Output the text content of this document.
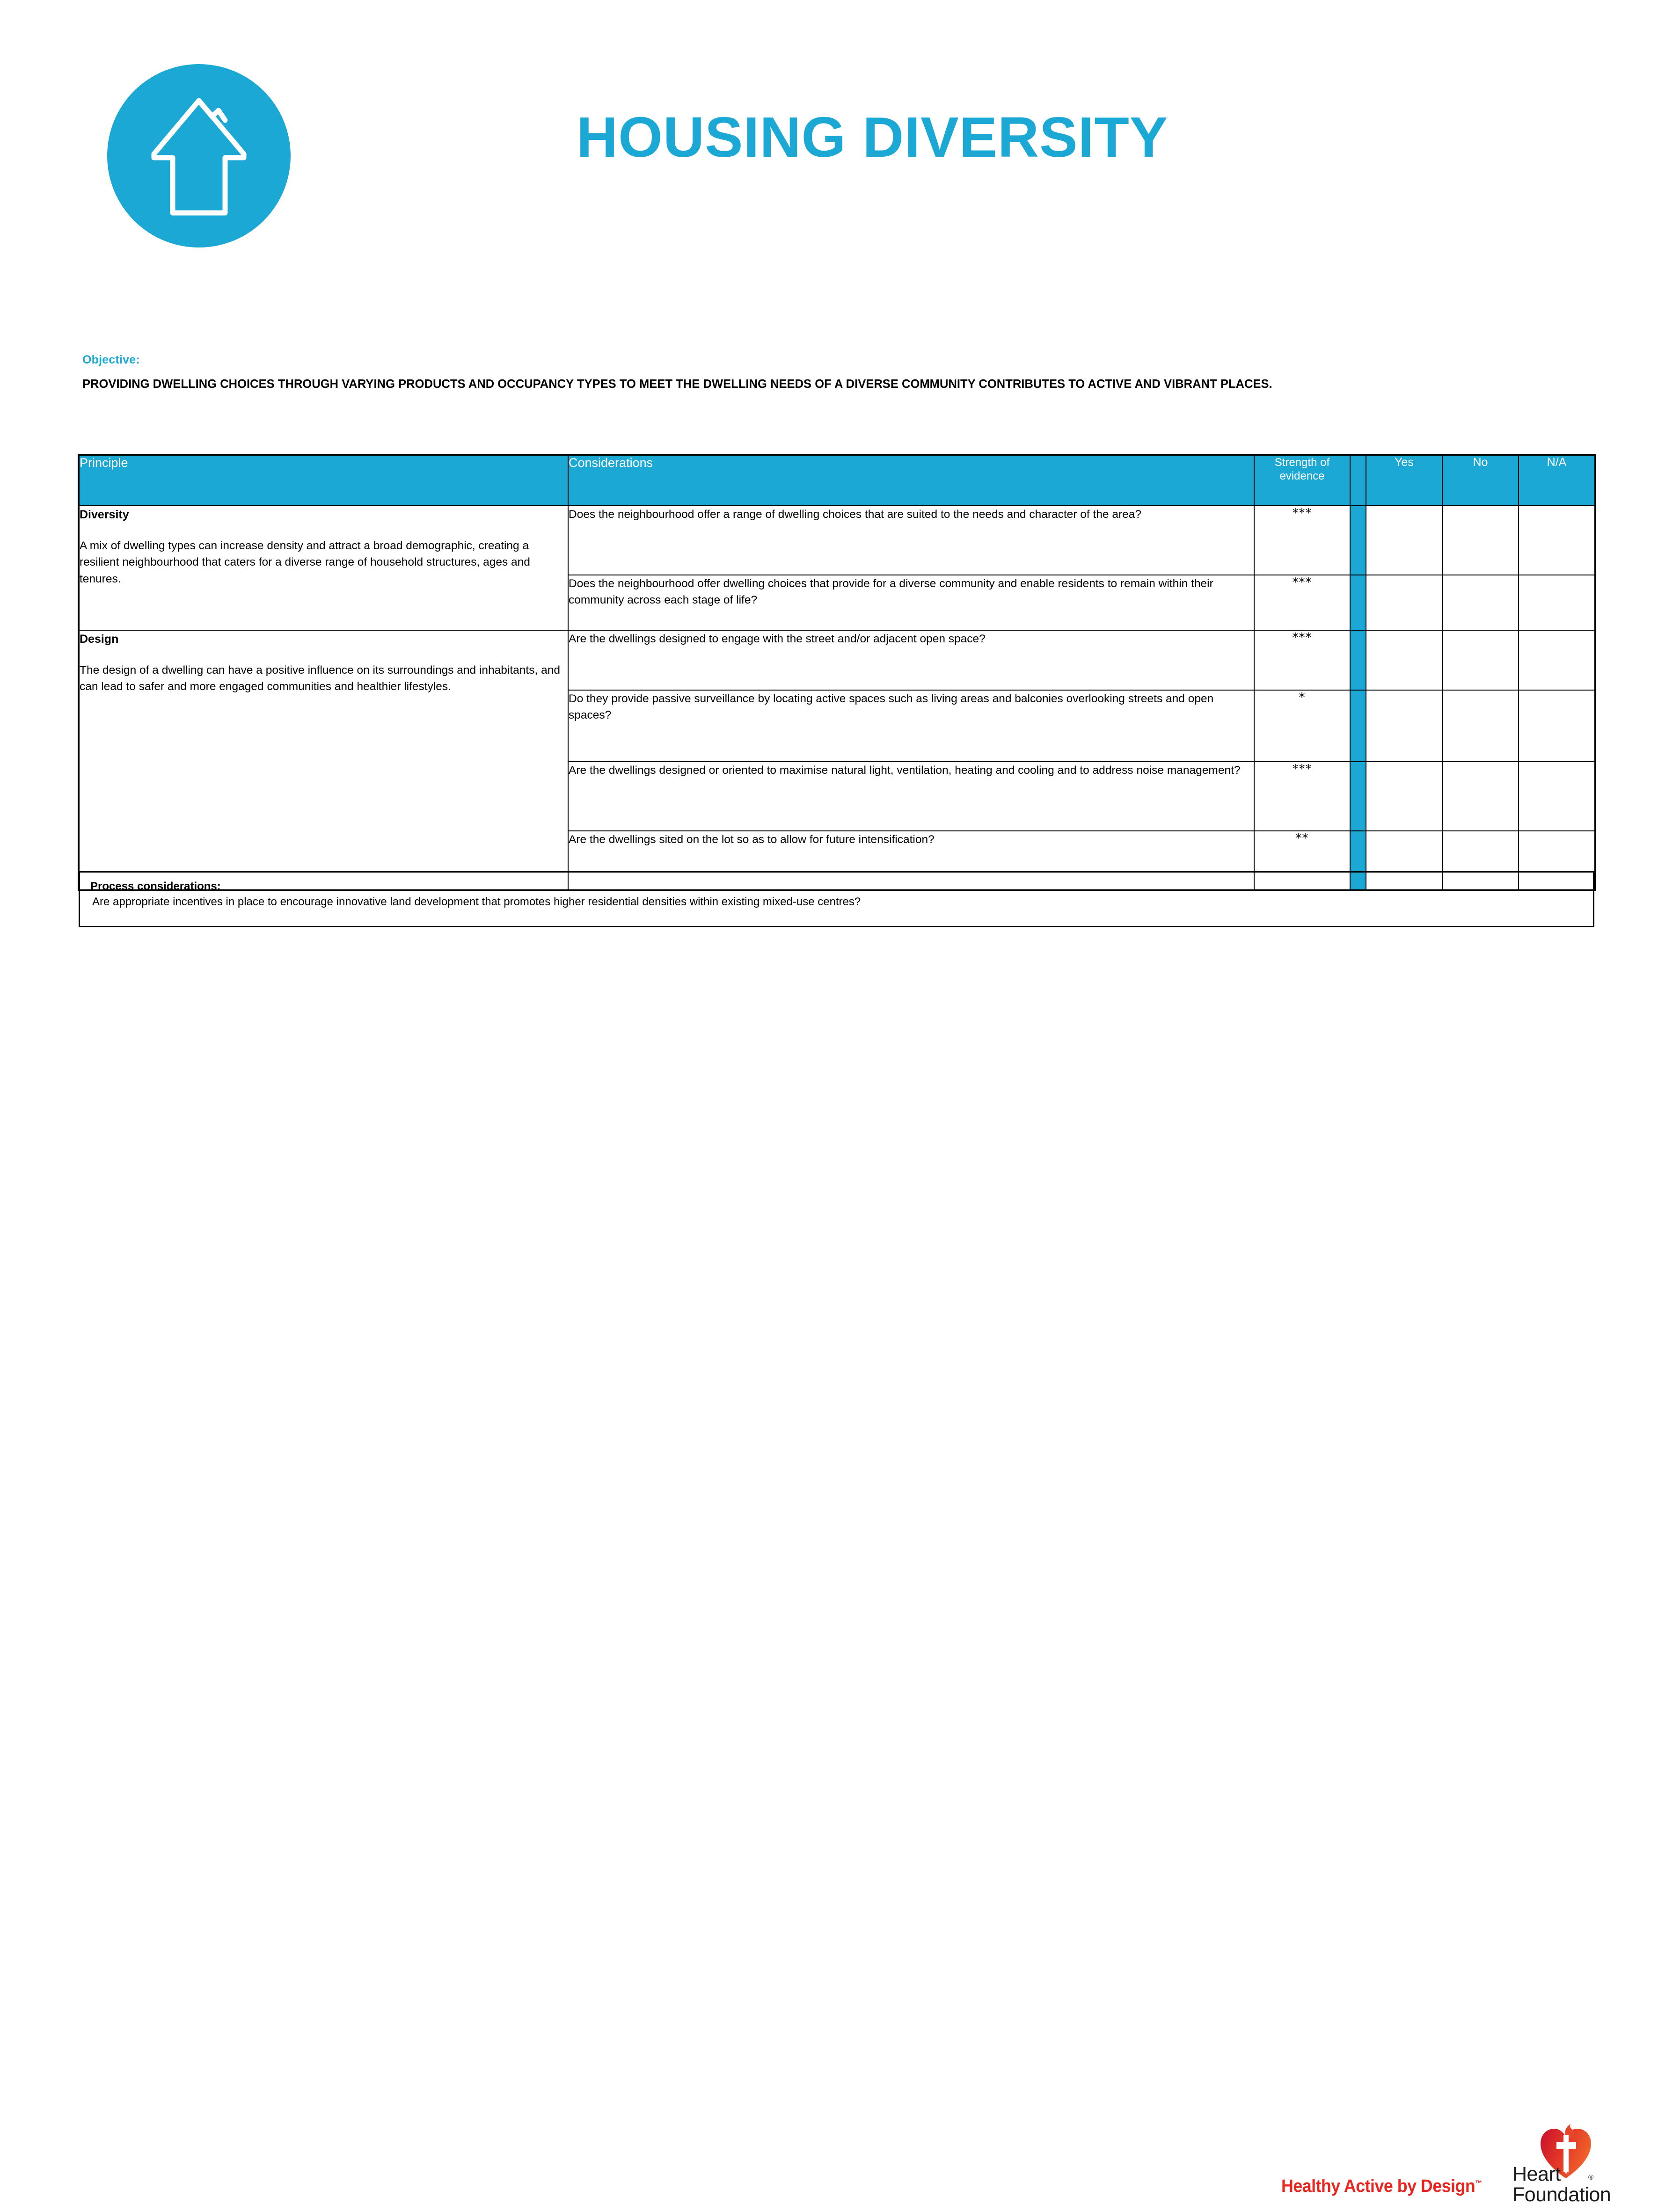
HOUSING DIVERSITY
Objective:
PROVIDING DWELLING CHOICES THROUGH VARYING PRODUCTS AND OCCUPANCY TYPES TO MEET THE DWELLING NEEDS OF A DIVERSE COMMUNITY CONTRIBUTES TO ACTIVE AND VIBRANT PLACES.
Principle	Considerations	Strength of evidence		Yes	No	N/A

Diversity
A mix of dwelling types can increase density and attract a broad demographic, creating a resilient neighbourhood that caters for a diverse range of household structures, ages and tenures.	Does the neighbourhood offer a range of dwelling choices that are suited to the needs and character of the area?	***				
	Does the neighbourhood offer dwelling choices that provide for a diverse community and enable residents to remain within their community across each stage of life?	***				

Design
The design of a dwelling can have a positive influence on its surroundings and inhabitants, and can lead to safer and more engaged communities and healthier lifestyles.	Are the dwellings designed to engage with the street and/or adjacent open space?	***				
	Do they provide passive surveillance by locating active spaces such as living areas and balconies overlooking streets and open spaces?	*				
	Are the dwellings designed or oriented to maximise natural light, ventilation, heating and cooling and to address noise management?	***				
	Are the dwellings sited on the lot so as to allow for future intensification?	**				
Process considerations:
Are appropriate incentives in place to encourage innovative land development that promotes higher residential densities within existing mixed-use centres?
Healthy Active by Design™ Heart
Foundation
®
